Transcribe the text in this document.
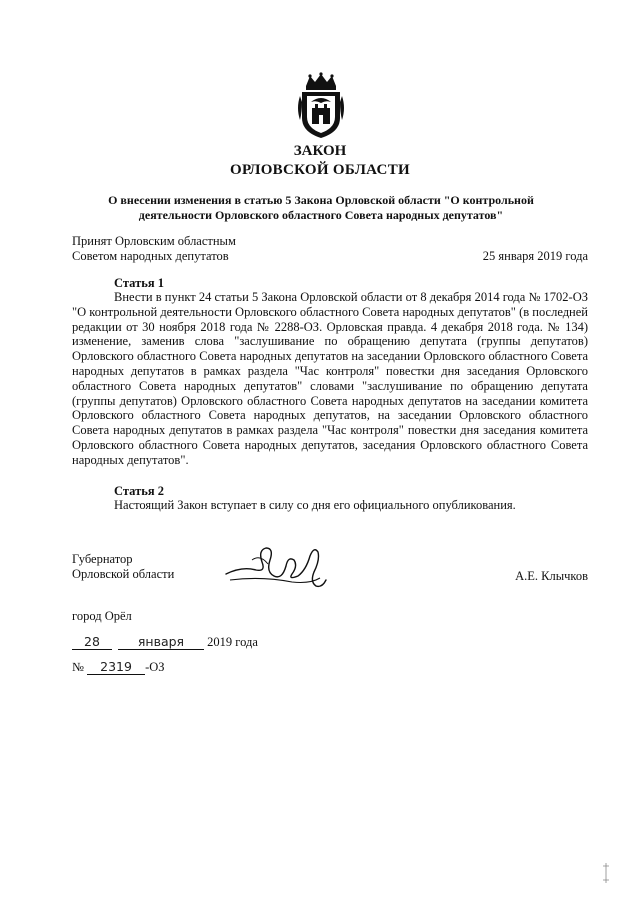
ЗАКОН
ОРЛОВСКОЙ ОБЛАСТИ
О внесении изменения в статью 5 Закона Орловской области "О контрольной
деятельности Орловского областного Совета народных депутатов"
Принят Орловским областным
Советом народных депутатов	25 января 2019 года
Статья 1

Внести в пункт 24 статьи 5 Закона Орловской области от 8 декабря 2014 года № 1702-ОЗ "О контрольной деятельности Орловского областного Совета народных депутатов" (в последней редакции от 30 ноября 2018 года № 2288-ОЗ. Орловская правда. 4 декабря 2018 года. № 134) изменение, заменив слова "заслушивание по обращению депутата (группы депутатов) Орловского областного Совета народных депутатов на заседании Орловского областного Совета народных депутатов в рамках раздела "Час контроля" повестки дня заседания Орловского областного Совета народных депутатов" словами "заслушивание по обращению депутата (группы депутатов) Орловского областного Совета народных депутатов на заседании комитета Орловского областного Совета народных депутатов, на заседании Орловского областного Совета народных депутатов в рамках раздела "Час контроля" повестки дня заседания комитета Орловского областного Совета народных депутатов, заседания Орловского областного Совета народных депутатов".

Статья 2

Настоящий Закон вступает в силу со дня его официального опубликования.

Губернатор
Орловской области	А.Е. Клычков
город Орёл
28	января 2019 года
№ 2319 -ОЗ
